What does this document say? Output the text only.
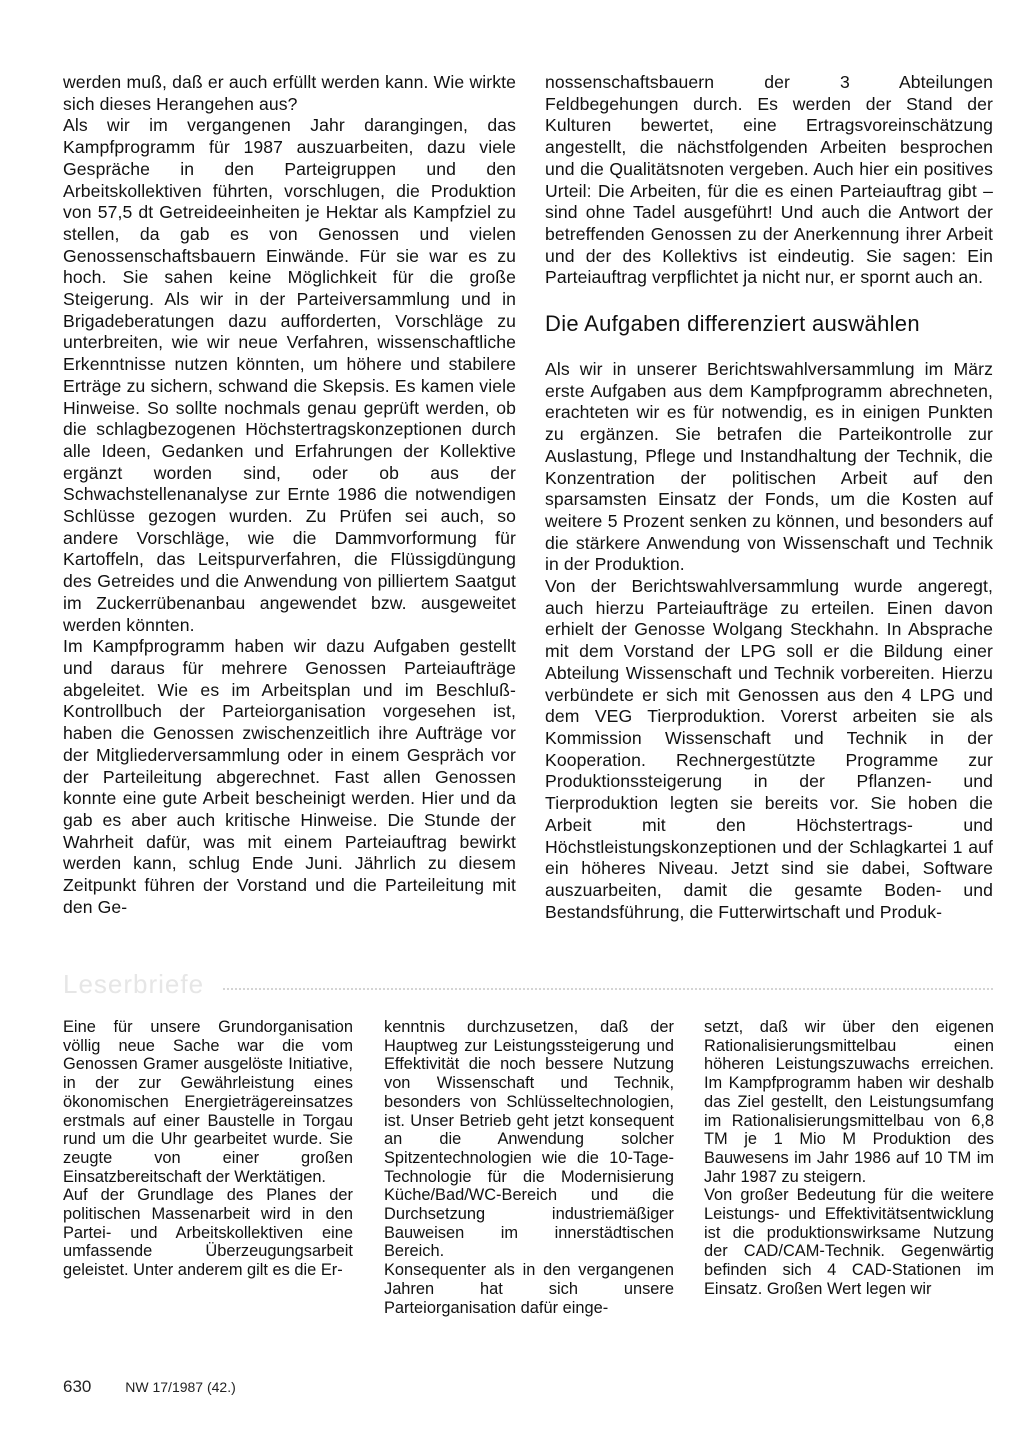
werden muß, daß er auch erfüllt werden kann. Wie wirkte sich dieses Herangehen aus?

Als wir im vergangenen Jahr darangingen, das Kampfprogramm für 1987 auszuarbeiten, dazu viele Gespräche in den Parteigruppen und den Arbeitskollektiven führten, vorschlugen, die Produktion von 57,5 dt Getreideeinheiten je Hektar als Kampfziel zu stellen, da gab es von Genossen und vielen Genossenschaftsbauern Einwände. Für sie war es zu hoch. Sie sahen keine Möglichkeit für die große Steigerung. Als wir in der Parteiversammlung und in Brigadeberatungen dazu aufforderten, Vorschläge zu unterbreiten, wie wir neue Verfahren, wissenschaftliche Erkenntnisse nutzen könnten, um höhere und stabilere Erträge zu sichern, schwand die Skepsis. Es kamen viele Hinweise. So sollte nochmals genau geprüft werden, ob die schlagbezogenen Höchstertragskonzeptionen durch alle Ideen, Gedanken und Erfahrungen der Kollektive ergänzt worden sind, oder ob aus der Schwachstellenanalyse zur Ernte 1986 die notwendigen Schlüsse gezogen wurden. Zu Prüfen sei auch, so andere Vorschläge, wie die Dammvorformung für Kartoffeln, das Leitspurverfahren, die Flüssigdüngung des Getreides und die Anwendung von pilliertem Saatgut im Zuckerrübenanbau angewendet bzw. ausgeweitet werden könnten.

Im Kampfprogramm haben wir dazu Aufgaben gestellt und daraus für mehrere Genossen Parteiaufträge abgeleitet. Wie es im Arbeitsplan und im Beschluß-Kontrollbuch der Parteiorganisation vorgesehen ist, haben die Genossen zwischenzeitlich ihre Aufträge vor der Mitgliederversammlung oder in einem Gespräch vor der Parteileitung abgerechnet. Fast allen Genossen konnte eine gute Arbeit bescheinigt werden. Hier und da gab es aber auch kritische Hinweise. Die Stunde der Wahrheit dafür, was mit einem Parteiauftrag bewirkt werden kann, schlug Ende Juni. Jährlich zu diesem Zeitpunkt führen der Vorstand und die Parteileitung mit den Ge-

nossenschaftsbauern der 3 Abteilungen Feldbegehungen durch. Es werden der Stand der Kulturen bewertet, eine Ertragsvoreinschätzung angestellt, die nächstfolgenden Arbeiten besprochen und die Qualitätsnoten vergeben. Auch hier ein positives Urteil: Die Arbeiten, für die es einen Parteiauftrag gibt – sind ohne Tadel ausgeführt! Und auch die Antwort der betreffenden Genossen zu der Anerkennung ihrer Arbeit und der des Kollektivs ist eindeutig. Sie sagen: Ein Parteiauftrag verpflichtet ja nicht nur, er spornt auch an.

Die Aufgaben differenziert auswählen

Als wir in unserer Berichtswahlversammlung im März erste Aufgaben aus dem Kampfprogramm abrechneten, erachteten wir es für notwendig, es in einigen Punkten zu ergänzen. Sie betrafen die Parteikontrolle zur Auslastung, Pflege und Instandhaltung der Technik, die Konzentration der politischen Arbeit auf den sparsamsten Einsatz der Fonds, um die Kosten auf weitere 5 Prozent senken zu können, und besonders auf die stärkere Anwendung von Wissenschaft und Technik in der Produktion.

Von der Berichtswahlversammlung wurde angeregt, auch hierzu Parteiaufträge zu erteilen. Einen davon erhielt der Genosse Wolgang Steckhahn. In Absprache mit dem Vorstand der LPG soll er die Bildung einer Abteilung Wissenschaft und Technik vorbereiten. Hierzu verbündete er sich mit Genossen aus den 4 LPG und dem VEG Tierproduktion. Vorerst arbeiten sie als Kommission Wissenschaft und Technik in der Kooperation. Rechnergestützte Programme zur Produktionssteigerung in der Pflanzen- und Tierproduktion legten sie bereits vor. Sie hoben die Arbeit mit den Höchstertrags- und Höchstleistungskonzeptionen und der Schlagkartei 1 auf ein höheres Niveau. Jetzt sind sie dabei, Software auszuarbeiten, damit die gesamte Boden- und Bestandsführung, die Futterwirtschaft und Produk-

Leserbriefe

Eine für unsere Grundorganisation völlig neue Sache war die vom Genossen Gramer ausgelöste Initiative, in der zur Gewährleistung eines ökonomischen Energieträgereinsatzes erstmals auf einer Baustelle in Torgau rund um die Uhr gearbeitet wurde. Sie zeugte von einer großen Einsatzbereitschaft der Werktätigen.

Auf der Grundlage des Planes der politischen Massenarbeit wird in den Partei- und Arbeitskollektiven eine umfassende Überzeugungsarbeit geleistet. Unter anderem gilt es die Er-

kenntnis durchzusetzen, daß der Hauptweg zur Leistungssteigerung und Effektivität die noch bessere Nutzung von Wissenschaft und Technik, besonders von Schlüsseltechnologien, ist. Unser Betrieb geht jetzt konsequent an die Anwendung solcher Spitzentechnologien wie die 10-Tage-Technologie für die Modernisierung Küche/Bad/WC-Bereich und die Durchsetzung industriemäßiger Bauweisen im innerstädtischen Bereich.

Konsequenter als in den vergangenen Jahren hat sich unsere Parteiorganisation dafür einge-

setzt, daß wir über den eigenen Rationalisierungsmittelbau einen höheren Leistungszuwachs erreichen. Im Kampfprogramm haben wir deshalb das Ziel gestellt, den Leistungsumfang im Rationalisierungsmittelbau von 6,8 TM je 1 Mio M Produktion des Bauwesens im Jahr 1986 auf 10 TM im Jahr 1987 zu steigern.

Von großer Bedeutung für die weitere Leistungs- und Effektivitätsentwicklung ist die produktionswirksame Nutzung der CAD/CAM-Technik. Gegenwärtig befinden sich 4 CAD-Stationen im Einsatz. Großen Wert legen wir

630 NW 17/1987 (42.)
